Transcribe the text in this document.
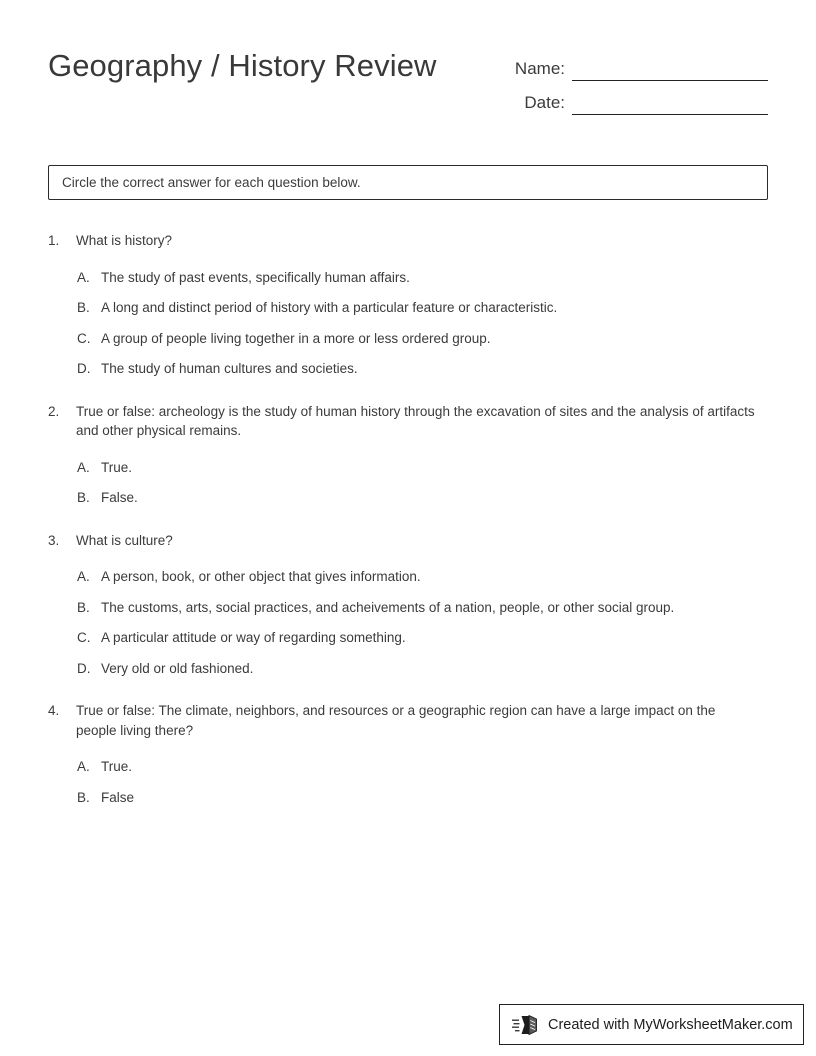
Geography / History Review	Name:
Date:
Circle the correct answer for each question below.
1.	What is history?
A. The study of past events, specifically human affairs.
B. A long and distinct period of history with a particular feature or characteristic.
C. A group of people living together in a more or less ordered group.
D. The study of human cultures and societies.
2.	True or false: archeology is the study of human history through the excavation of sites and the analysis of artifacts and other physical remains.
A. True.
B. False.
3.	What is culture?
A. A person, book, or other object that gives information.
B. The customs, arts, social practices, and acheivements of a nation, people, or other social group.
C. A particular attitude or way of regarding something.
D. Very old or old fashioned.
4.	True or false: The climate, neighbors, and resources or a geographic region can have a large impact on the people living there?
A. True.
B. False
Created with MyWorksheetMaker.com
